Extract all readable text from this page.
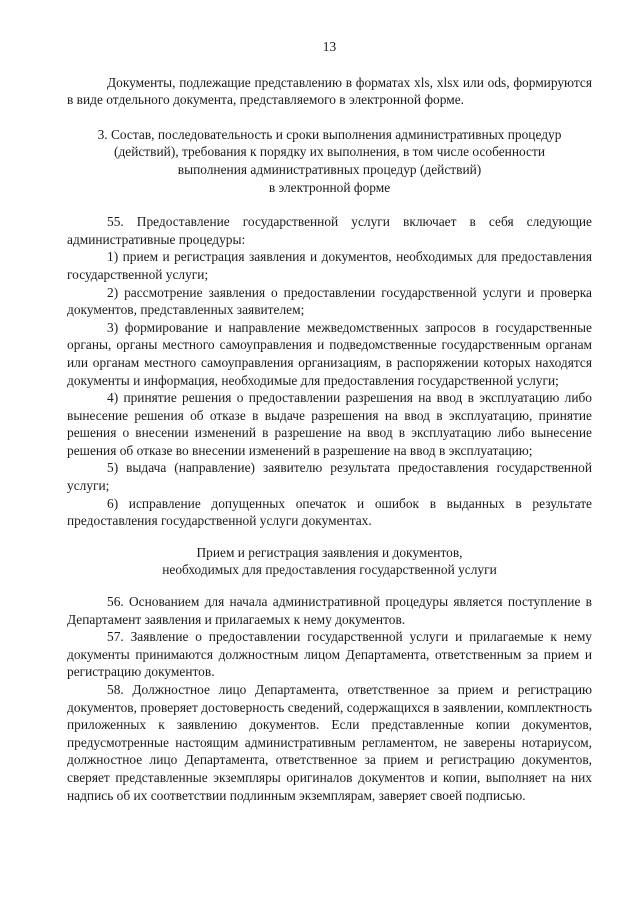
13

Документы, подлежащие представлению в форматах xls, xlsx или ods, формируются в виде отдельного документа, представляемого в электронной форме.

3. Состав, последовательность и сроки выполнения административных процедур

(действий), требования к порядку их выполнения, в том числе особенности

выполнения административных процедур (действий)

в электронной форме

55. Предоставление государственной услуги включает в себя следующие административные процедуры:

1) прием и регистрация заявления и документов, необходимых для предоставления государственной услуги;

2) рассмотрение заявления о предоставлении государственной услуги и проверка документов, представленных заявителем;

3) формирование и направление межведомственных запросов в государственные органы, органы местного самоуправления и подведомственные государственным органам или органам местного самоуправления организациям, в распоряжении которых находятся документы и информация, необходимые для предоставления государственной услуги;

4) принятие решения о предоставлении разрешения на ввод в эксплуатацию либо вынесение решения об отказе в выдаче разрешения на ввод в эксплуатацию, принятие решения о внесении изменений в разрешение на ввод в эксплуатацию либо вынесение решения об отказе во внесении изменений в разрешение на ввод в эксплуатацию;

5) выдача (направление) заявителю результата предоставления государственной услуги;

6) исправление допущенных опечаток и ошибок в выданных в результате предоставления государственной услуги документах.

Прием и регистрация заявления и документов,

необходимых для предоставления государственной услуги

56. Основанием для начала административной процедуры является поступление в Департамент заявления и прилагаемых к нему документов.

57. Заявление о предоставлении государственной услуги и прилагаемые к нему документы принимаются должностным лицом Департамента, ответственным за прием и регистрацию документов.

58. Должностное лицо Департамента, ответственное за прием и регистрацию документов, проверяет достоверность сведений, содержащихся в заявлении, комплектность приложенных к заявлению документов. Если представленные копии документов, предусмотренные настоящим административным регламентом, не заверены нотариусом, должностное лицо Департамента, ответственное за прием и регистрацию документов, сверяет представленные экземпляры оригиналов документов и копии, выполняет на них надпись об их соответствии подлинным экземплярам, заверяет своей подписью.
